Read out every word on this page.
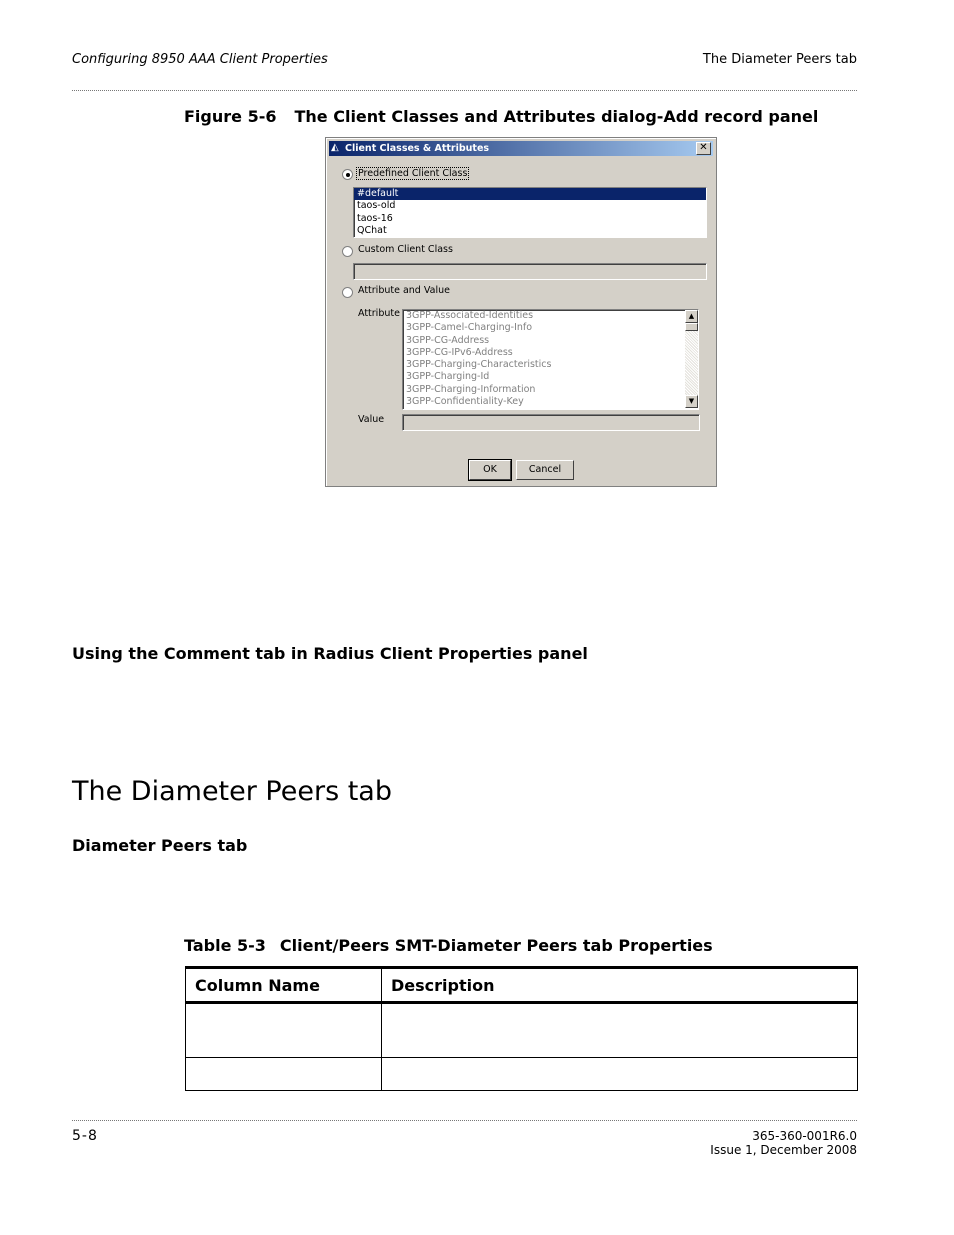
Configuring 8950 AAA Client Properties	The Diameter Peers tab
Figure 5-6 The Client Classes and Attributes dialog-Add record panel
◭ Client Classes & Attributes	✕
Predefined Client Class
#default
taos-old
taos-16
QChat
Custom Client Class
Attribute and Value
Attribute 3GPP-Associated-Identities
3GPP-Camel-Charging-Info
3GPP-CG-Address
3GPP-CG-IPv6-Address
3GPP-Charging-Characteristics
3GPP-Charging-Id
3GPP-Charging-Information
3GPP-Confidentiality-Key
▲
▼
Value
OK	Cancel
Using the Comment tab in Radius Client Properties panel
The Diameter Peers tab
Diameter Peers tab
Table 5-3 Client/Peers SMT-Diameter Peers tab Properties
Column Name	Description

5-8	365-360-001R6.0
Issue 1, December 2008
